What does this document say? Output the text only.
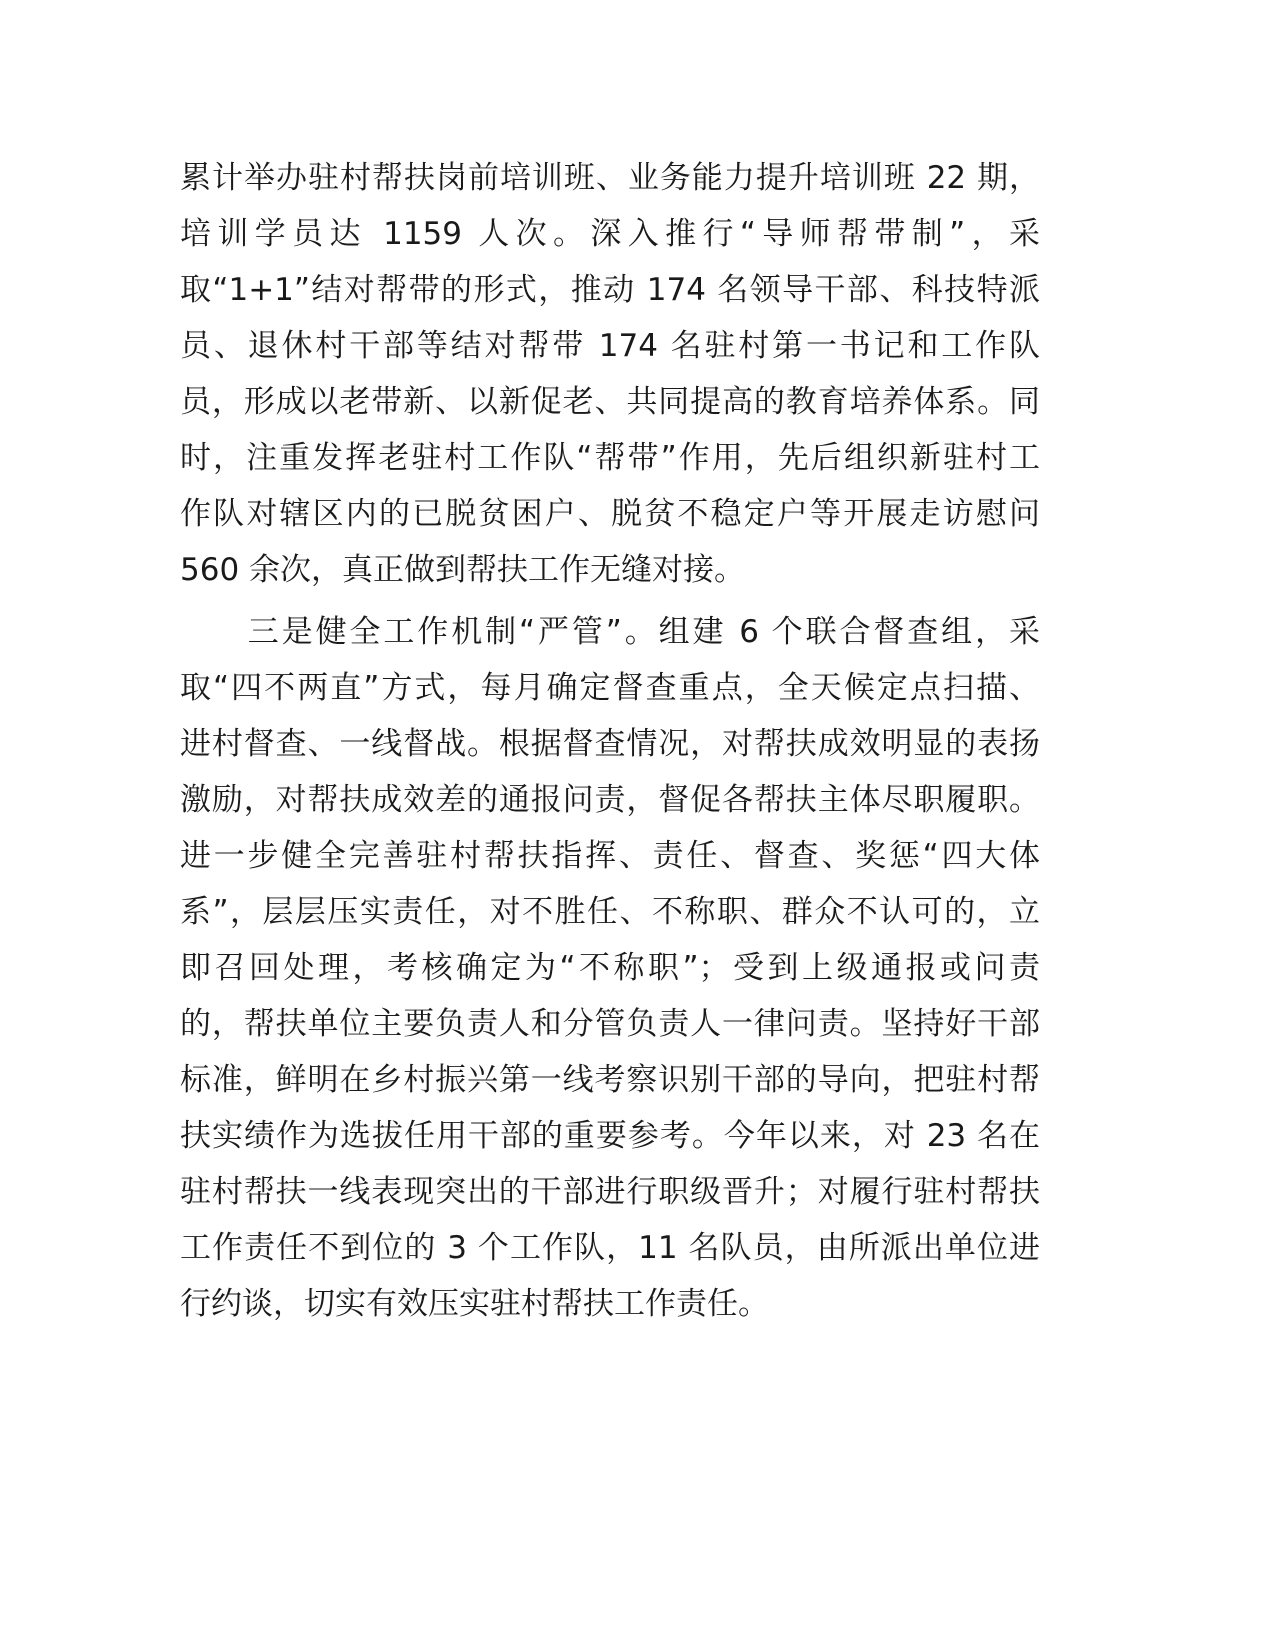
累计举办驻村帮扶岗前培训班、业务能力提升培训班 22 期，
培训学员达 1159 人次。深入推行“导师帮带制”，采
取“1+1”结对帮带的形式，推动 174 名领导干部、科技特派
员、退休村干部等结对帮带 174 名驻村第一书记和工作队
员，形成以老带新、以新促老、共同提高的教育培养体系。同
时，注重发挥老驻村工作队“帮带”作用，先后组织新驻村工
作队对辖区内的已脱贫困户、脱贫不稳定户等开展走访慰问
560 余次，真正做到帮扶工作无缝对接。
　　三是健全工作机制“严管”。组建 6 个联合督查组，采
取“四不两直”方式，每月确定督查重点，全天候定点扫描、
进村督查、一线督战。根据督查情况，对帮扶成效明显的表扬
激励，对帮扶成效差的通报问责，督促各帮扶主体尽职履职。
进一步健全完善驻村帮扶指挥、责任、督查、奖惩“四大体
系”，层层压实责任，对不胜任、不称职、群众不认可的，立
即召回处理，考核确定为“不称职”；受到上级通报或问责
的，帮扶单位主要负责人和分管负责人一律问责。坚持好干部
标准，鲜明在乡村振兴第一线考察识别干部的导向，把驻村帮
扶实绩作为选拔任用干部的重要参考。今年以来，对 23 名在
驻村帮扶一线表现突出的干部进行职级晋升；对履行驻村帮扶
工作责任不到位的 3 个工作队，11 名队员，由所派出单位进
行约谈，切实有效压实驻村帮扶工作责任。
